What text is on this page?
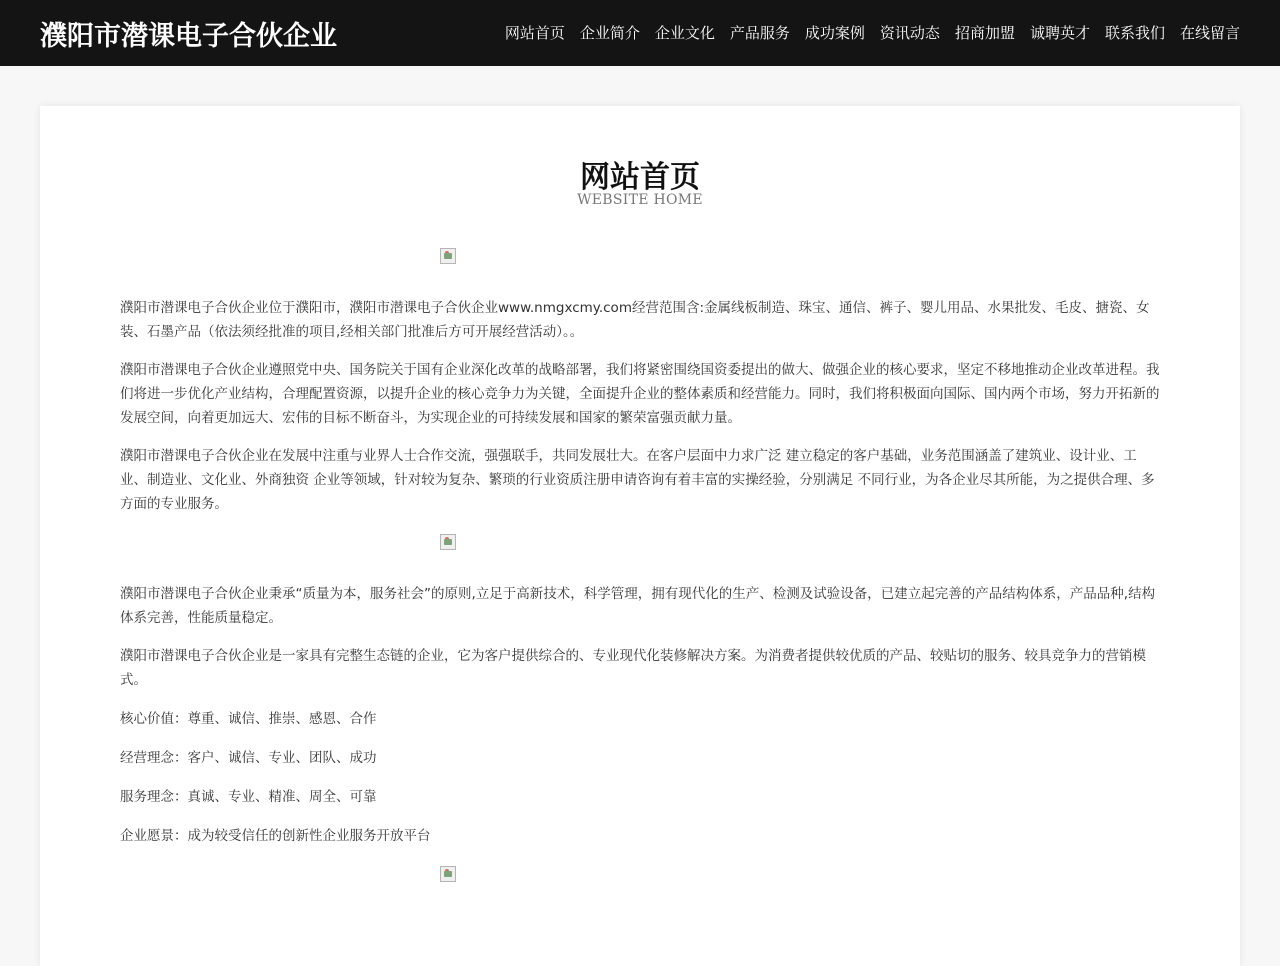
濮阳市潜课电子合伙企业	网站首页 企业简介 企业文化 产品服务 成功案例 资讯动态 招商加盟 诚聘英才 联系我们 在线留言
网站首页
WEBSITE HOME

濮阳市潜课电子合伙企业位于濮阳市，濮阳市潜课电子合伙企业www.nmgxcmy.com经营范围含:金属线板制造、珠宝、通信、裤子、婴儿用品、水果批发、毛皮、搪瓷、女装、石墨产品（依法须经批准的项目,经相关部门批准后方可开展经营活动）。。

濮阳市潜课电子合伙企业遵照党中央、国务院关于国有企业深化改革的战略部署，我们将紧密围绕国资委提出的做大、做强企业的核心要求，坚定不移地推动企业改革进程。我们将进一步优化产业结构，合理配置资源，以提升企业的核心竞争力为关键，全面提升企业的整体素质和经营能力。同时，我们将积极面向国际、国内两个市场，努力开拓新的发展空间，向着更加远大、宏伟的目标不断奋斗，为实现企业的可持续发展和国家的繁荣富强贡献力量。

濮阳市潜课电子合伙企业在发展中注重与业界人士合作交流，强强联手，共同发展壮大。在客户层面中力求广泛 建立稳定的客户基础，业务范围涵盖了建筑业、设计业、工业、制造业、文化业、外商独资 企业等领域，针对较为复杂、繁琐的行业资质注册申请咨询有着丰富的实操经验，分别满足 不同行业，为各企业尽其所能，为之提供合理、多方面的专业服务。

濮阳市潜课电子合伙企业秉承“质量为本，服务社会”的原则,立足于高新技术，科学管理，拥有现代化的生产、检测及试验设备，已建立起完善的产品结构体系，产品品种,结构体系完善，性能质量稳定。

濮阳市潜课电子合伙企业是一家具有完整生态链的企业，它为客户提供综合的、专业现代化装修解决方案。为消费者提供较优质的产品、较贴切的服务、较具竞争力的营销模式。

核心价值：尊重、诚信、推崇、感恩、合作

经营理念：客户、诚信、专业、团队、成功

服务理念：真诚、专业、精准、周全、可靠

企业愿景：成为较受信任的创新性企业服务开放平台
